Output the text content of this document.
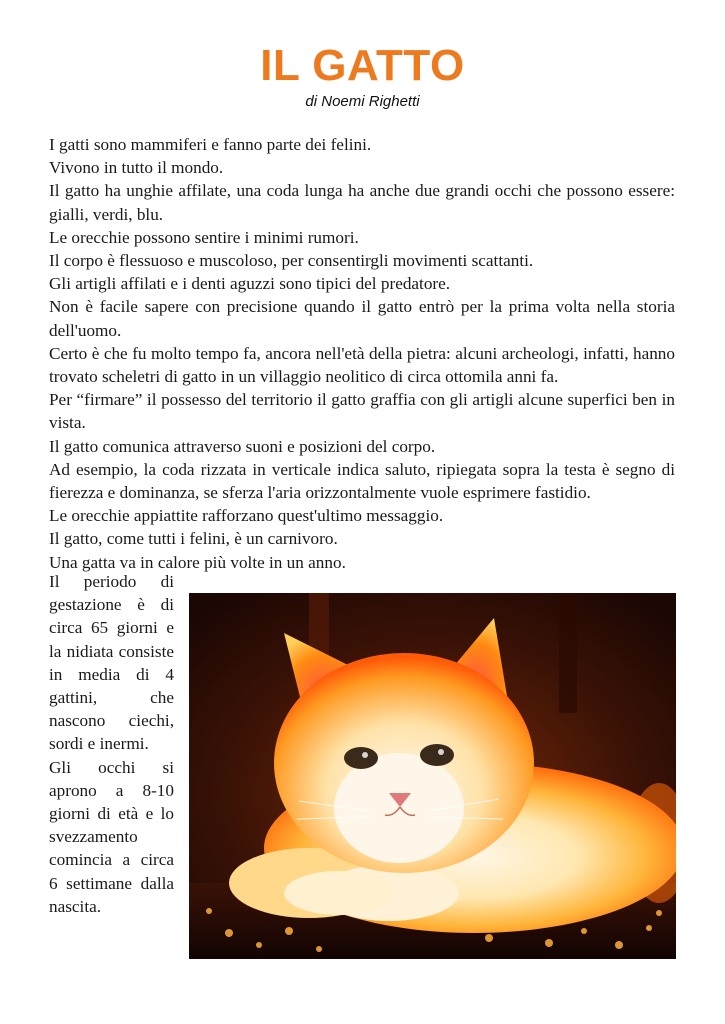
IL GATTO
di Noemi Righetti
I gatti sono mammiferi e fanno parte dei felini.
Vivono in tutto il mondo.
Il gatto ha unghie affilate, una coda lunga ha anche due grandi occhi che possono essere: gialli, verdi, blu.
Le orecchie possono sentire i minimi rumori.
Il corpo è flessuoso e muscoloso, per consentirgli movimenti scattanti.
Gli artigli affilati e i denti aguzzi sono tipici del predatore.
Non è facile sapere con precisione quando il gatto entrò per la prima volta nella storia dell'uomo.
Certo è che fu molto tempo fa, ancora nell'età della pietra: alcuni archeologi, infatti, hanno trovato scheletri di gatto in un villaggio neolitico di circa ottomila anni fa.
Per “firmare” il possesso del territorio il gatto graffia con gli artigli alcune superfici ben in vista.
Il gatto comunica attraverso suoni e posizioni del corpo.
Ad esempio, la coda rizzata in verticale indica saluto, ripiegata sopra la testa è segno di fierezza e dominanza, se sferza l'aria orizzontalmente vuole esprimere fastidio.
Le orecchie appiattite rafforzano quest'ultimo messaggio.
Il gatto, come tutti i felini, è un carnivoro.
Una gatta va in calore più volte in un anno.
Il periodo di gestazione è di circa 65 giorni e la nidiata consiste in media di 4 gattini, che nascono ciechi, sordi e inermi.
Gli occhi si aprono a 8-10 giorni di età e lo svezzamento comincia a circa 6 settimane dalla nascita.
